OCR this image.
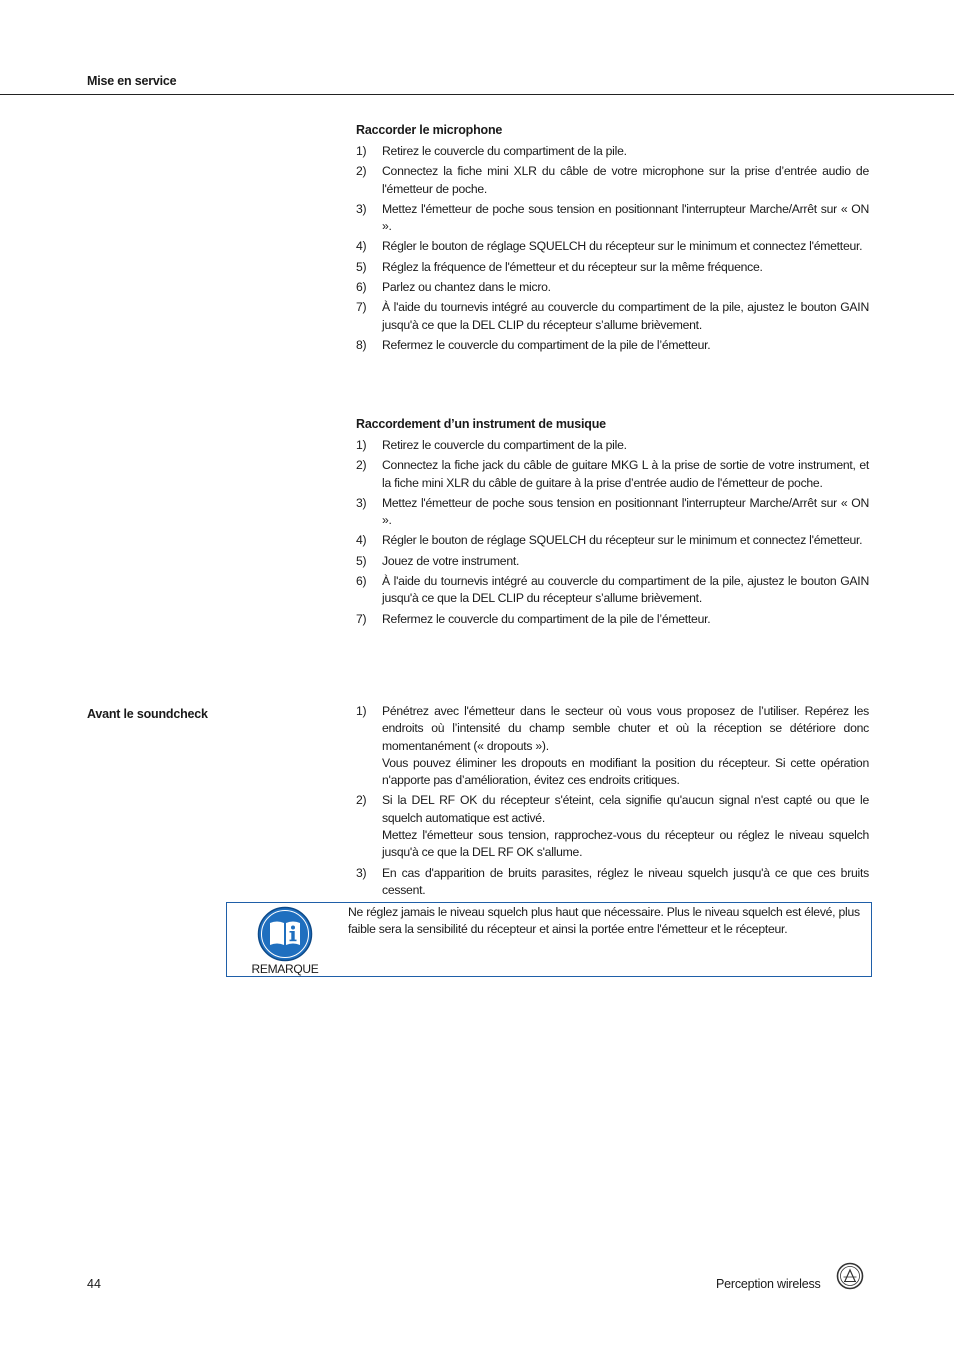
Mise en service
Raccorder le microphone
1) Retirez le couvercle du compartiment de la pile.
2) Connectez la fiche mini XLR du câble de votre microphone sur la prise d’entrée audio de l'émetteur de poche.
3) Mettez l'émetteur de poche sous tension en positionnant l'interrupteur Marche/Arrêt sur « ON ».
4) Régler le bouton de réglage SQUELCH du récepteur sur le minimum et connectez l'émetteur.
5) Réglez la fréquence de l'émetteur et du récepteur sur la même fréquence.
6) Parlez ou chantez dans le micro.
7) À l'aide du tournevis intégré au couvercle du compartiment de la pile, ajustez le bouton GAIN jusqu'à ce que la DEL CLIP du récepteur s’allume brièvement.
8) Refermez le couvercle du compartiment de la pile de l’émetteur.
Raccordement d’un instrument de musique
1) Retirez le couvercle du compartiment de la pile.
2) Connectez la fiche jack du câble de guitare MKG L à la prise de sortie de votre instrument, et la fiche mini XLR du câble de guitare à la prise d’entrée audio de l'émetteur de poche.
3) Mettez l'émetteur de poche sous tension en positionnant l'interrupteur Marche/Arrêt sur « ON ».
4) Régler le bouton de réglage SQUELCH du récepteur sur le minimum et connectez l'émetteur.
5) Jouez de votre instrument.
6) À l'aide du tournevis intégré au couvercle du compartiment de la pile, ajustez le bouton GAIN jusqu'à ce que la DEL CLIP du récepteur s’allume brièvement.
7) Refermez le couvercle du compartiment de la pile de l’émetteur.
Avant le soundcheck	1) Pénétrez avec l'émetteur dans le secteur où vous vous proposez de l’utiliser. Repérez les endroits où l’intensité du champ semble chuter et où la réception se détériore donc momentanément (« dropouts »).
Vous pouvez éliminer les dropouts en modifiant la position du récepteur. Si cette opération n'apporte pas d’amélioration, évitez ces endroits critiques.
2) Si la DEL RF OK du récepteur s'éteint, cela signifie qu'aucun signal n'est capté ou que le squelch automatique est activé.
Mettez l'émetteur sous tension, rapprochez-vous du récepteur ou réglez le niveau squelch jusqu'à ce que la DEL RF OK s'allume.
3) En cas d'apparition de bruits parasites, réglez le niveau squelch jusqu'à ce que ces bruits cessent.
REMARQUE
Ne réglez jamais le niveau squelch plus haut que nécessaire. Plus le niveau squelch est élevé, plus faible sera la sensibilité du récepteur et ainsi la portée entre l'émetteur et le récepteur.
44	Perception wireless
